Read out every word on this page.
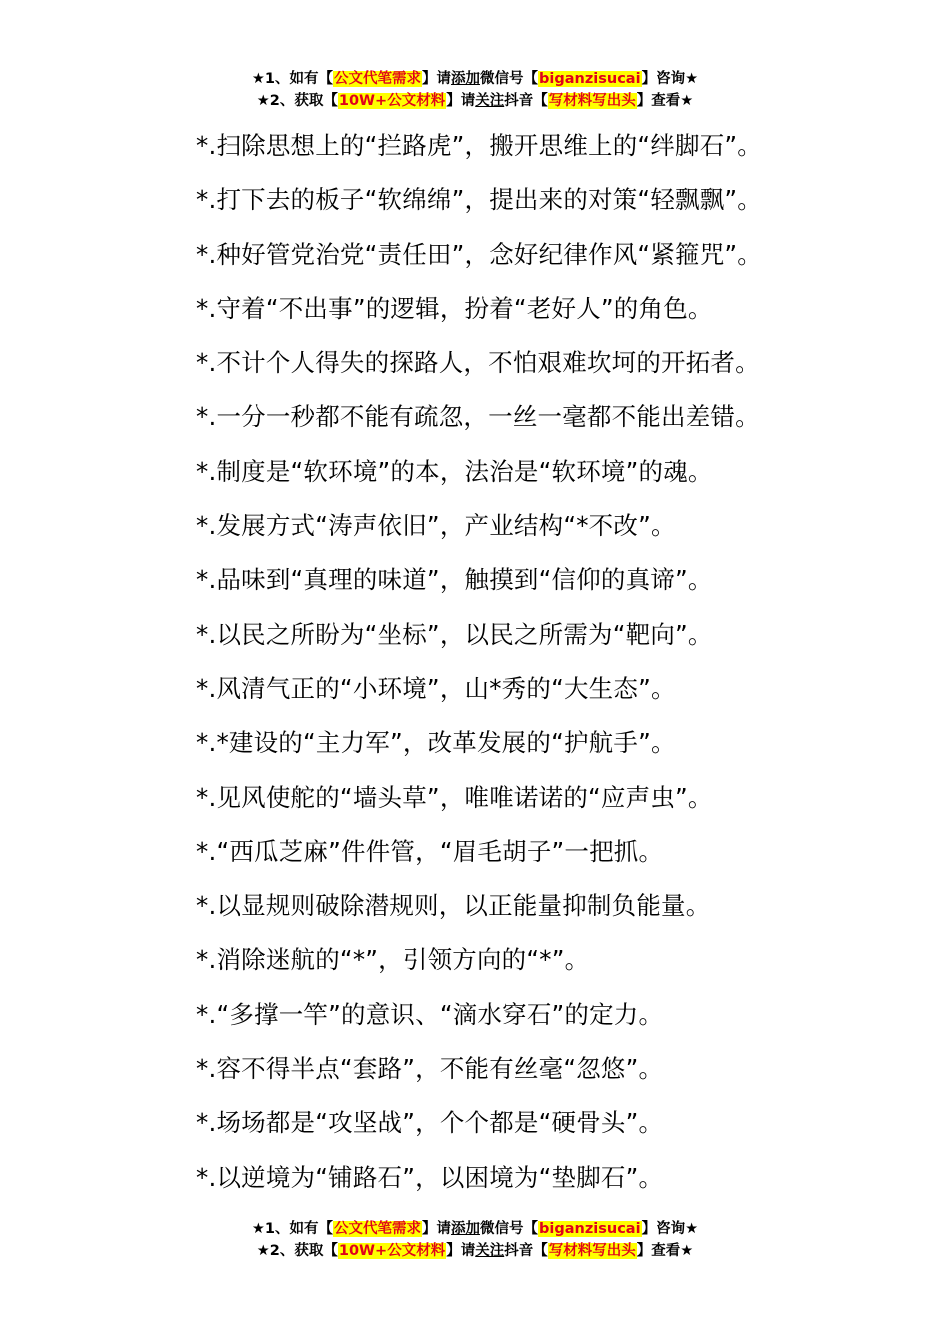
★1、如有【公文代笔需求】请添加微信号【biganzisucai】咨询★
★2、获取【10W+公文材料】请关注抖音【写材料写出头】查看★
*.扫除思想上的“拦路虎”，搬开思维上的“绊脚石”。
*.打下去的板子“软绵绵”，提出来的对策“轻飘飘”。
*.种好管党治党“责任田”，念好纪律作风“紧箍咒”。
*.守着“不出事”的逻辑，扮着“老好人”的角色。
*.不计个人得失的探路人，不怕艰难坎坷的开拓者。
*.一分一秒都不能有疏忽，一丝一毫都不能出差错。
*.制度是“软环境”的本，法治是“软环境”的魂。
*.发展方式“涛声依旧”，产业结构“*不改”。
*.品味到“真理的味道”，触摸到“信仰的真谛”。
*.以民之所盼为“坐标”，以民之所需为“靶向”。
*.风清气正的“小环境”，山*秀的“大生态”。
*.*建设的“主力军”，改革发展的“护航手”。
*.见风使舵的“墙头草”，唯唯诺诺的“应声虫”。
*.“西瓜芝麻”件件管，“眉毛胡子”一把抓。
*.以显规则破除潜规则，以正能量抑制负能量。
*.消除迷航的“*”，引领方向的“*”。
*.“多撑一竿”的意识、“滴水穿石”的定力。
*.容不得半点“套路”，不能有丝毫“忽悠”。
*.场场都是“攻坚战”，个个都是“硬骨头”。
*.以逆境为“铺路石”，以困境为“垫脚石”。
★1、如有【公文代笔需求】请添加微信号【biganzisucai】咨询★
★2、获取【10W+公文材料】请关注抖音【写材料写出头】查看★
